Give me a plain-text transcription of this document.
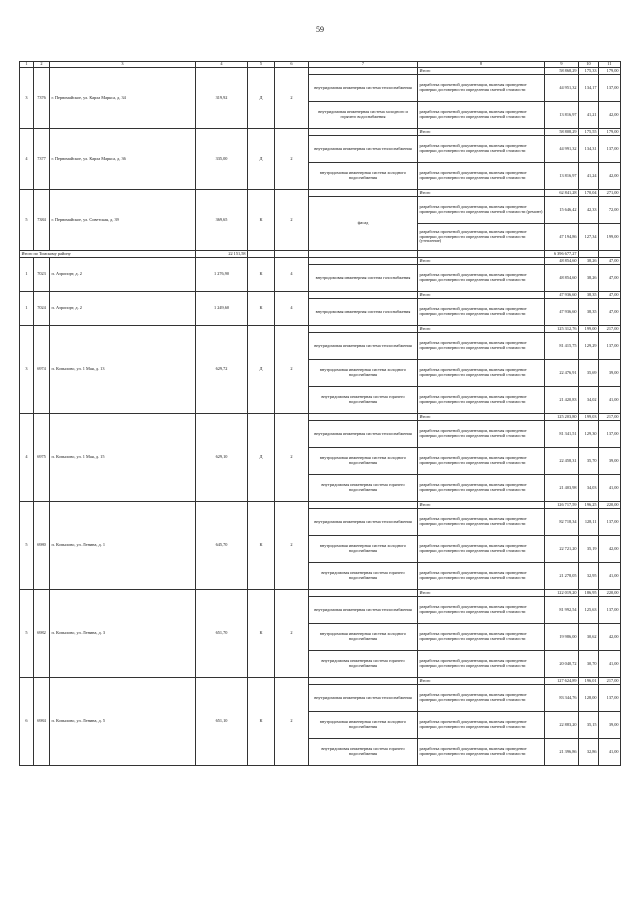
59
1	2	3	4	5	6	7	8	9	10	11
3	7376	г. Первомайское, ул. Карла Маркса, д. 34	319,92	Д	2		Итого	58 868,29	175,33	179,00
						внутридомовая инженерная система теплоснабжения	разработка проектной документации, включая проведение проверки достоверности определения сметной стоимости	44 951,32	134,17	137,00
						внутридомовая инженерная система холодного и горячего водоснабжения	разработка проектной документации, включая проведение проверки достоверности определения сметной стоимости	13 816,97	41,21	42,00
4	7377	г. Первомайское, ул. Карла Маркса, д. 36	335,00	Д	2		Итого	58 808,29	175,55	179,00
						внутридомовая инженерная система теплоснабжения	разработка проектной документации, включая проведение проверки достоверности определения сметной стоимости	44 991,32	134,31	137,00
						внутридомовая инженерная система холодного водоснабжения	разработка проектной документации, включая проведение проверки достоверности определения сметной стоимости	13 816,97	41,24	42,00
5	7384	г. Первомайское, ул. Советская, д. 39	369,65	К	2		Итого	62 841,28	170,04	271,00
						фасад	разработка проектной документации, включая проведение проверки достоверности определения сметной стоимости (ремонт)	15 646,42	42,33	72,00
							разработка проектной документации, включая проведение проверки достоверности определения сметной стоимости (утепление)	47 194,86	127,34	199,00
Итого по Томскому району			22 151,58					6 396 677,27		
1	7023	п. Аэропорт, д. 2	1 276,90	К	4		Итого	48 854,60	38,26	47,00
						внутридомовая инженерная система газоснабжения	разработка проектной документации, включая проведение проверки достоверности определения сметной стоимости	48 854,60	38,26	47,00
1	7024	п. Аэропорт, д. 2	1 249,60	К	4		Итого	47 936,60	38,35	47,00
						внутридомовая инженерная система газоснабжения	разработка проектной документации, включая проведение проверки достоверности определения сметной стоимости	47 936,60	38,35	47,00
3	6974	п. Копылово, ул. 1 Мая, д. 13	629,72	Д	2		Итого	125 312,76	199,00	217,00
						внутридомовая инженерная система теплоснабжения	разработка проектной документации, включая проведение проверки достоверности определения сметной стоимости	81 415,75	129,29	137,00
						внутридомовая инженерная система холодного водоснабжения	разработка проектной документации, включая проведение проверки достоверности определения сметной стоимости	22 476,91	35,69	39,00
						внутридомовая инженерная система горячего водоснабжения	разработка проектной документации, включая проведение проверки достоверности определения сметной стоимости	21 420,83	34,02	41,00
4	6975	п. Копылово, ул. 1 Мая, д. 15	629,10	Д	2		Итого	125 203,80	199,03	217,00
						внутридомовая инженерная система теплоснабжения	разработка проектной документации, включая проведение проверки достоверности определения сметной стоимости	81 341,51	129,30	137,00
						внутридомовая инженерная система холодного водоснабжения	разработка проектной документации, включая проведение проверки достоверности определения сметной стоимости	22 458,31	35,70	39,00
						внутридомовая инженерная система горячего водоснабжения	разработка проектной документации, включая проведение проверки достоверности определения сметной стоимости	21 403,98	34,03	41,00
5	6980	п. Копылово, ул. Ленина, д. 1	645,70	К	2		Итого	126 717,59	196,25	220,00
						внутридомовая инженерная система теплоснабжения	разработка проектной документации, включая проведение проверки достоверности определения сметной стоимости	82 718,34	128,11	137,00
						внутридомовая инженерная система холодного водоснабжения	разработка проектной документации, включая проведение проверки достоверности определения сметной стоимости	22 721,20	35,19	42,00
						внутридомовая инженерная система горячего водоснабжения	разработка проектной документации, включая проведение проверки достоверности определения сметной стоимости	21 278,05	32,95	41,00
5	6982	п. Копылово, ул. Ленина, д. 3	651,70	К	2		Итого	122 019,20	186,95	220,00
						внутридомовая инженерная система теплоснабжения	разработка проектной документации, включая проведение проверки достоверности определения сметной стоимости	81 992,54	125,63	137,00
						внутридомовая инженерная система холодного водоснабжения	разработка проектной документации, включая проведение проверки достоверности определения сметной стоимости	19 986,00	30,62	42,00
						внутридомовая инженерная система горячего водоснабжения	разработка проектной документации, включая проведение проверки достоверности определения сметной стоимости	20 040,72	30,70	41,00
6	6984	п. Копылово, ул. Ленина, д. 5	651,10	К	2		Итого	127 624,89	196,01	217,00
						внутридомовая инженерная система теплоснабжения	разработка проектной документации, включая проведение проверки достоверности определения сметной стоимости	83 344,76	128,00	137,00
						внутридомовая инженерная система холодного водоснабжения	разработка проектной документации, включая проведение проверки достоверности определения сметной стоимости	22 883,20	35,15	39,00
						внутридомовая инженерная система горячего водоснабжения	разработка проектной документации, включая проведение проверки достоверности определения сметной стоимости	21 396,86	32,86	41,00
